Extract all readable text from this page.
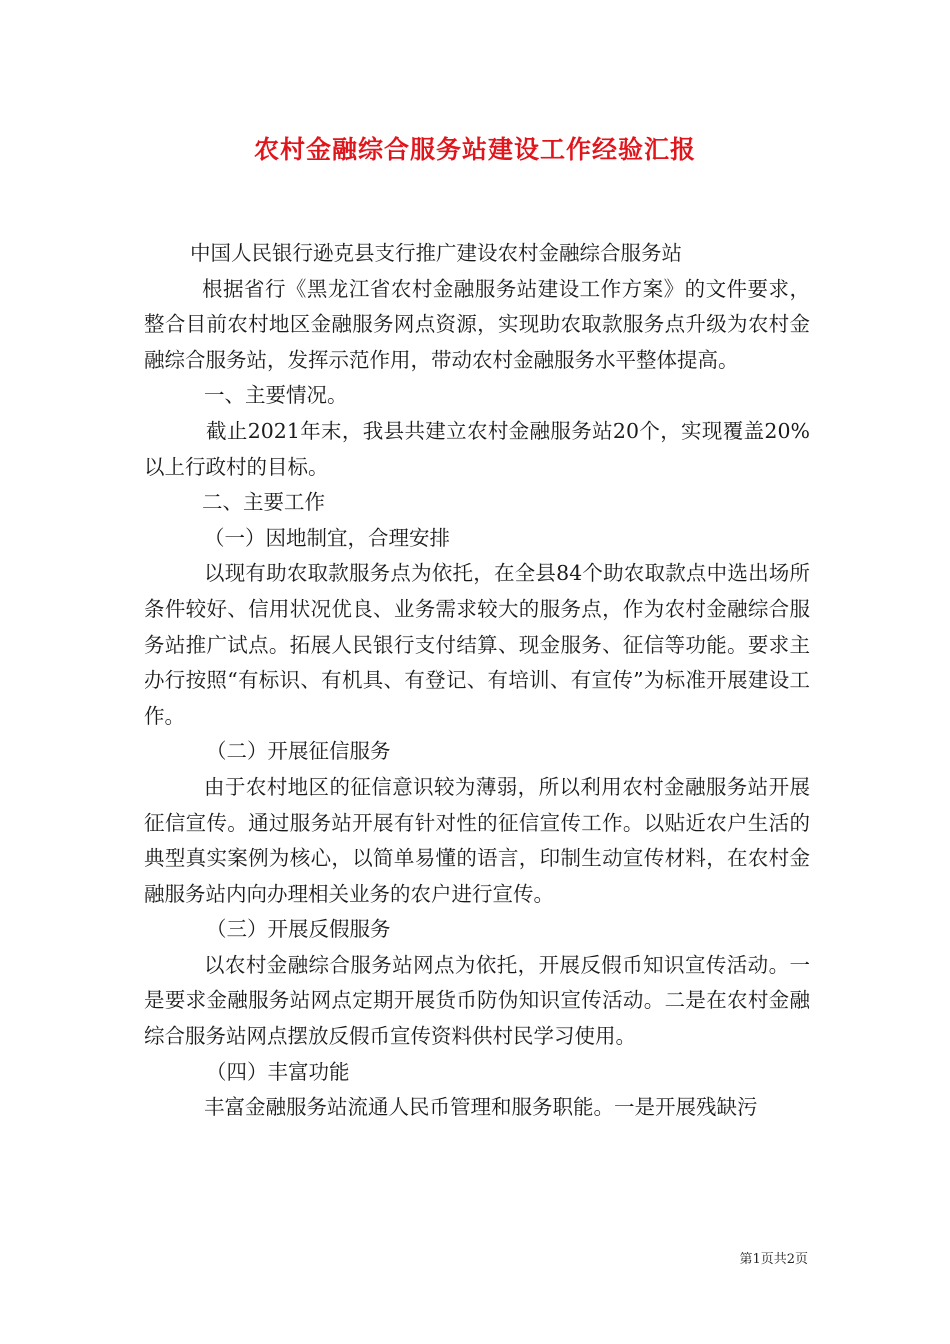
农村金融综合服务站建设工作经验汇报

中国人民银行逊克县支行推广建设农村金融综合服务站

根据省行《黑龙江省农村金融服务站建设工作方案》的文件要求，整合目前农村地区金融服务网点资源，实现助农取款服务点升级为农村金融综合服务站，发挥示范作用，带动农村金融服务水平整体提高。

一、主要情况。

截止2021年末，我县共建立农村金融服务站20个，实现覆盖20%以上行政村的目标。

二、主要工作

（一）因地制宜，合理安排

以现有助农取款服务点为依托，在全县84个助农取款点中选出场所条件较好、信用状况优良、业务需求较大的服务点，作为农村金融综合服务站推广试点。拓展人民银行支付结算、现金服务、征信等功能。要求主办行按照“有标识、有机具、有登记、有培训、有宣传”为标准开展建设工作。

（二）开展征信服务

由于农村地区的征信意识较为薄弱，所以利用农村金融服务站开展征信宣传。通过服务站开展有针对性的征信宣传工作。以贴近农户生活的典型真实案例为核心，以简单易懂的语言，印制生动宣传材料，在农村金融服务站内向办理相关业务的农户进行宣传。

（三）开展反假服务

以农村金融综合服务站网点为依托，开展反假币知识宣传活动。一是要求金融服务站网点定期开展货币防伪知识宣传活动。二是在农村金融综合服务站网点摆放反假币宣传资料供村民学习使用。

（四）丰富功能

丰富金融服务站流通人民币管理和服务职能。一是开展残缺污

第1页共2页
